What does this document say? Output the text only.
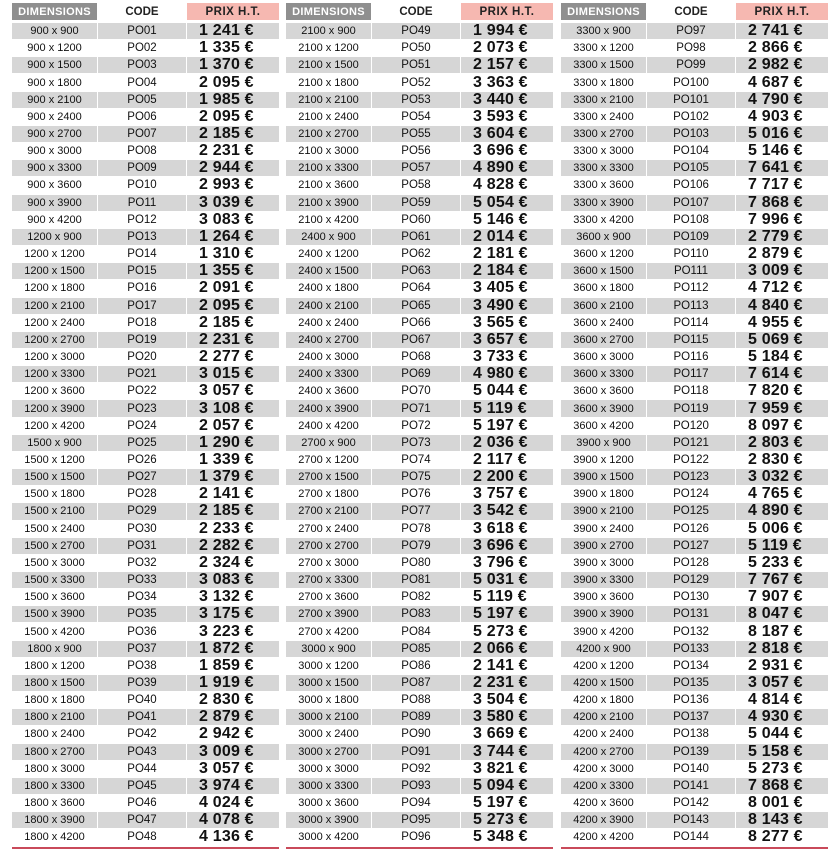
DIMENSIONS	CODE	PRIX H.T.
900 x 900	PO01	1 241 €
900 x 1200	PO02	1 335 €
900 x 1500	PO03	1 370 €
900 x 1800	PO04	2 095 €
900 x 2100	PO05	1 985 €
900 x 2400	PO06	2 095 €
900 x 2700	PO07	2 185 €
900 x 3000	PO08	2 231 €
900 x 3300	PO09	2 944 €
900 x 3600	PO10	2 993 €
900 x 3900	PO11	3 039 €
900 x 4200	PO12	3 083 €
1200 x 900	PO13	1 264 €
1200 x 1200	PO14	1 310 €
1200 x 1500	PO15	1 355 €
1200 x 1800	PO16	2 091 €
1200 x 2100	PO17	2 095 €
1200 x 2400	PO18	2 185 €
1200 x 2700	PO19	2 231 €
1200 x 3000	PO20	2 277 €
1200 x 3300	PO21	3 015 €
1200 x 3600	PO22	3 057 €
1200 x 3900	PO23	3 108 €
1200 x 4200	PO24	2 057 €
1500 x 900	PO25	1 290 €
1500 x 1200	PO26	1 339 €
1500 x 1500	PO27	1 379 €
1500 x 1800	PO28	2 141 €
1500 x 2100	PO29	2 185 €
1500 x 2400	PO30	2 233 €
1500 x 2700	PO31	2 282 €
1500 x 3000	PO32	2 324 €
1500 x 3300	PO33	3 083 €
1500 x 3600	PO34	3 132 €
1500 x 3900	PO35	3 175 €
1500 x 4200	PO36	3 223 €
1800 x 900	PO37	1 872 €
1800 x 1200	PO38	1 859 €
1800 x 1500	PO39	1 919 €
1800 x 1800	PO40	2 830 €
1800 x 2100	PO41	2 879 €
1800 x 2400	PO42	2 942 €
1800 x 2700	PO43	3 009 €
1800 x 3000	PO44	3 057 €
1800 x 3300	PO45	3 974 €
1800 x 3600	PO46	4 024 €
1800 x 3900	PO47	4 078 €
1800 x 4200	PO48	4 136 €
DIMENSIONS	CODE	PRIX H.T.
2100 x 900	PO49	1 994 €
2100 x 1200	PO50	2 073 €
2100 x 1500	PO51	2 157 €
2100 x 1800	PO52	3 363 €
2100 x 2100	PO53	3 440 €
2100 x 2400	PO54	3 593 €
2100 x 2700	PO55	3 604 €
2100 x 3000	PO56	3 696 €
2100 x 3300	PO57	4 890 €
2100 x 3600	PO58	4 828 €
2100 x 3900	PO59	5 054 €
2100 x 4200	PO60	5 146 €
2400 x 900	PO61	2 014 €
2400 x 1200	PO62	2 181 €
2400 x 1500	PO63	2 184 €
2400 x 1800	PO64	3 405 €
2400 x 2100	PO65	3 490 €
2400 x 2400	PO66	3 565 €
2400 x 2700	PO67	3 657 €
2400 x 3000	PO68	3 733 €
2400 x 3300	PO69	4 980 €
2400 x 3600	PO70	5 044 €
2400 x 3900	PO71	5 119 €
2400 x 4200	PO72	5 197 €
2700 x 900	PO73	2 036 €
2700 x 1200	PO74	2 117 €
2700 x 1500	PO75	2 200 €
2700 x 1800	PO76	3 757 €
2700 x 2100	PO77	3 542 €
2700 x 2400	PO78	3 618 €
2700 x 2700	PO79	3 696 €
2700 x 3000	PO80	3 796 €
2700 x 3300	PO81	5 031 €
2700 x 3600	PO82	5 119 €
2700 x 3900	PO83	5 197 €
2700 x 4200	PO84	5 273 €
3000 x 900	PO85	2 066 €
3000 x 1200	PO86	2 141 €
3000 x 1500	PO87	2 231 €
3000 x 1800	PO88	3 504 €
3000 x 2100	PO89	3 580 €
3000 x 2400	PO90	3 669 €
3000 x 2700	PO91	3 744 €
3000 x 3000	PO92	3 821 €
3000 x 3300	PO93	5 094 €
3000 x 3600	PO94	5 197 €
3000 x 3900	PO95	5 273 €
3000 x 4200	PO96	5 348 €
DIMENSIONS	CODE	PRIX H.T.
3300 x 900	PO97	2 741 €
3300 x 1200	PO98	2 866 €
3300 x 1500	PO99	2 982 €
3300 x 1800	PO100	4 687 €
3300 x 2100	PO101	4 790 €
3300 x 2400	PO102	4 903 €
3300 x 2700	PO103	5 016 €
3300 x 3000	PO104	5 146 €
3300 x 3300	PO105	7 641 €
3300 x 3600	PO106	7 717 €
3300 x 3900	PO107	7 868 €
3300 x 4200	PO108	7 996 €
3600 x 900	PO109	2 779 €
3600 x 1200	PO110	2 879 €
3600 x 1500	PO111	3 009 €
3600 x 1800	PO112	4 712 €
3600 x 2100	PO113	4 840 €
3600 x 2400	PO114	4 955 €
3600 x 2700	PO115	5 069 €
3600 x 3000	PO116	5 184 €
3600 x 3300	PO117	7 614 €
3600 x 3600	PO118	7 820 €
3600 x 3900	PO119	7 959 €
3600 x 4200	PO120	8 097 €
3900 x 900	PO121	2 803 €
3900 x 1200	PO122	2 830 €
3900 x 1500	PO123	3 032 €
3900 x 1800	PO124	4 765 €
3900 x 2100	PO125	4 890 €
3900 x 2400	PO126	5 006 €
3900 x 2700	PO127	5 119 €
3900 x 3000	PO128	5 233 €
3900 x 3300	PO129	7 767 €
3900 x 3600	PO130	7 907 €
3900 x 3900	PO131	8 047 €
3900 x 4200	PO132	8 187 €
4200 x 900	PO133	2 818 €
4200 x 1200	PO134	2 931 €
4200 x 1500	PO135	3 057 €
4200 x 1800	PO136	4 814 €
4200 x 2100	PO137	4 930 €
4200 x 2400	PO138	5 044 €
4200 x 2700	PO139	5 158 €
4200 x 3000	PO140	5 273 €
4200 x 3300	PO141	7 868 €
4200 x 3600	PO142	8 001 €
4200 x 3900	PO143	8 143 €
4200 x 4200	PO144	8 277 €
